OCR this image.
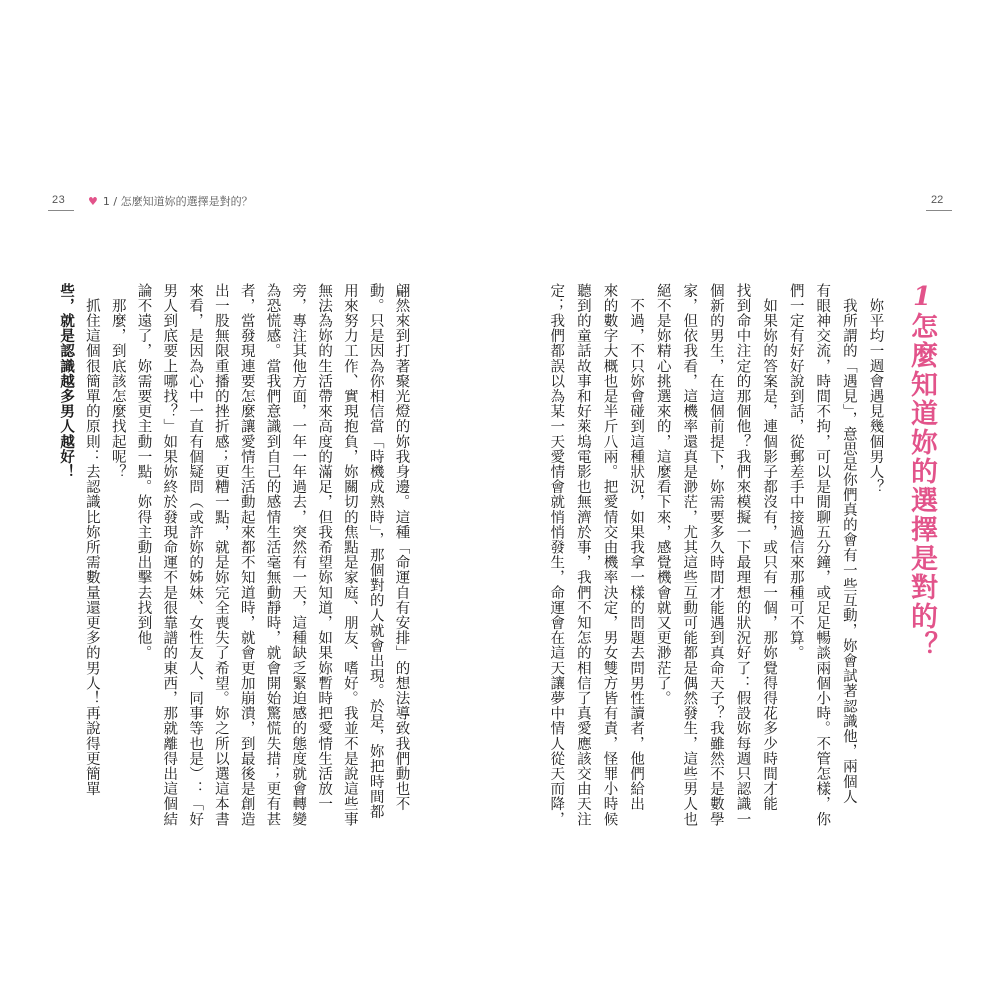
23 ♥ 1 / 怎麼知道妳的選擇是對的？	22
1
怎麼知道妳的選擇是對的？
　妳平均一週會遇見幾個男人？
　我所謂的「遇見」，意思是你們真的會有一些互動，妳會試著認識他，兩個人
有眼神交流，時間不拘，可以是閒聊五分鐘，或足足暢談兩個小時。不管怎樣，你
們一定有好好說到話，從郵差手中接過信來那種可不算。
　如果妳的答案是，連個影子都沒有，或只有一個，那妳覺得得花多少時間才能
找到命中注定的那個他？我們來模擬一下最理想的狀況好了：假設妳每週只認識一
個新的男生，在這個前提下，妳需要多久時間才能遇到真命天子？我雖然不是數學
家，但依我看，這機率還真是渺茫，尤其這些互動可能都是偶然發生，這些男人也
絕不是妳精心挑選來的，這麼看下來，感覺機會就又更渺茫了。
　不過，不只妳會碰到這種狀況，如果我拿一樣的問題去問男性讀者，他們給出
來的數字大概也是半斤八兩。把愛情交由機率決定，男女雙方皆有責，怪罪小時候
聽到的童話故事和好萊塢電影也無濟於事，我們不知怎的相信了真愛應該交由天注
定；我們都誤以為某一天愛情會就悄悄發生，命運會在這天讓夢中情人從天而降，
翩然來到打著聚光燈的妳我身邊。這種「命運自有安排」的想法導致我們動也不
動。只是因為你相信當「時機成熟時」，那個對的人就會出現。於是，妳把時間都
用來努力工作、實現抱負，妳關切的焦點是家庭、朋友、嗜好。我並不是說這些事
無法為妳的生活帶來高度的滿足，但我希望妳知道，如果妳暫時把愛情生活放一
旁，專注其他方面，一年一年過去，突然有一天，這種缺乏緊迫感的態度就會轉變
為恐慌感。當我們意識到自己的感情生活毫無動靜時，就會開始驚慌失措；更有甚
者，當發現連要怎麼讓愛情生活動起來都不知道時，就會更加崩潰，到最後是創造
出一股無限重播的挫折感；更糟一點，就是妳完全喪失了希望。妳之所以選這本書
來看，是因為心中一直有個疑問（或許妳的姊妹、女性友人、同事等也是）：「好
男人到底要上哪找？」如果妳終於發現命運不是很靠譜的東西，那就離得出這個結
論不遠了，妳需要更主動一點。妳得主動出擊去找到他。
　那麼，到底該怎麼找起呢？
　抓住這個很簡單的原則：去認識比妳所需數量還更多的男人！再說得更簡單
些，就是認識越多男人越好！
